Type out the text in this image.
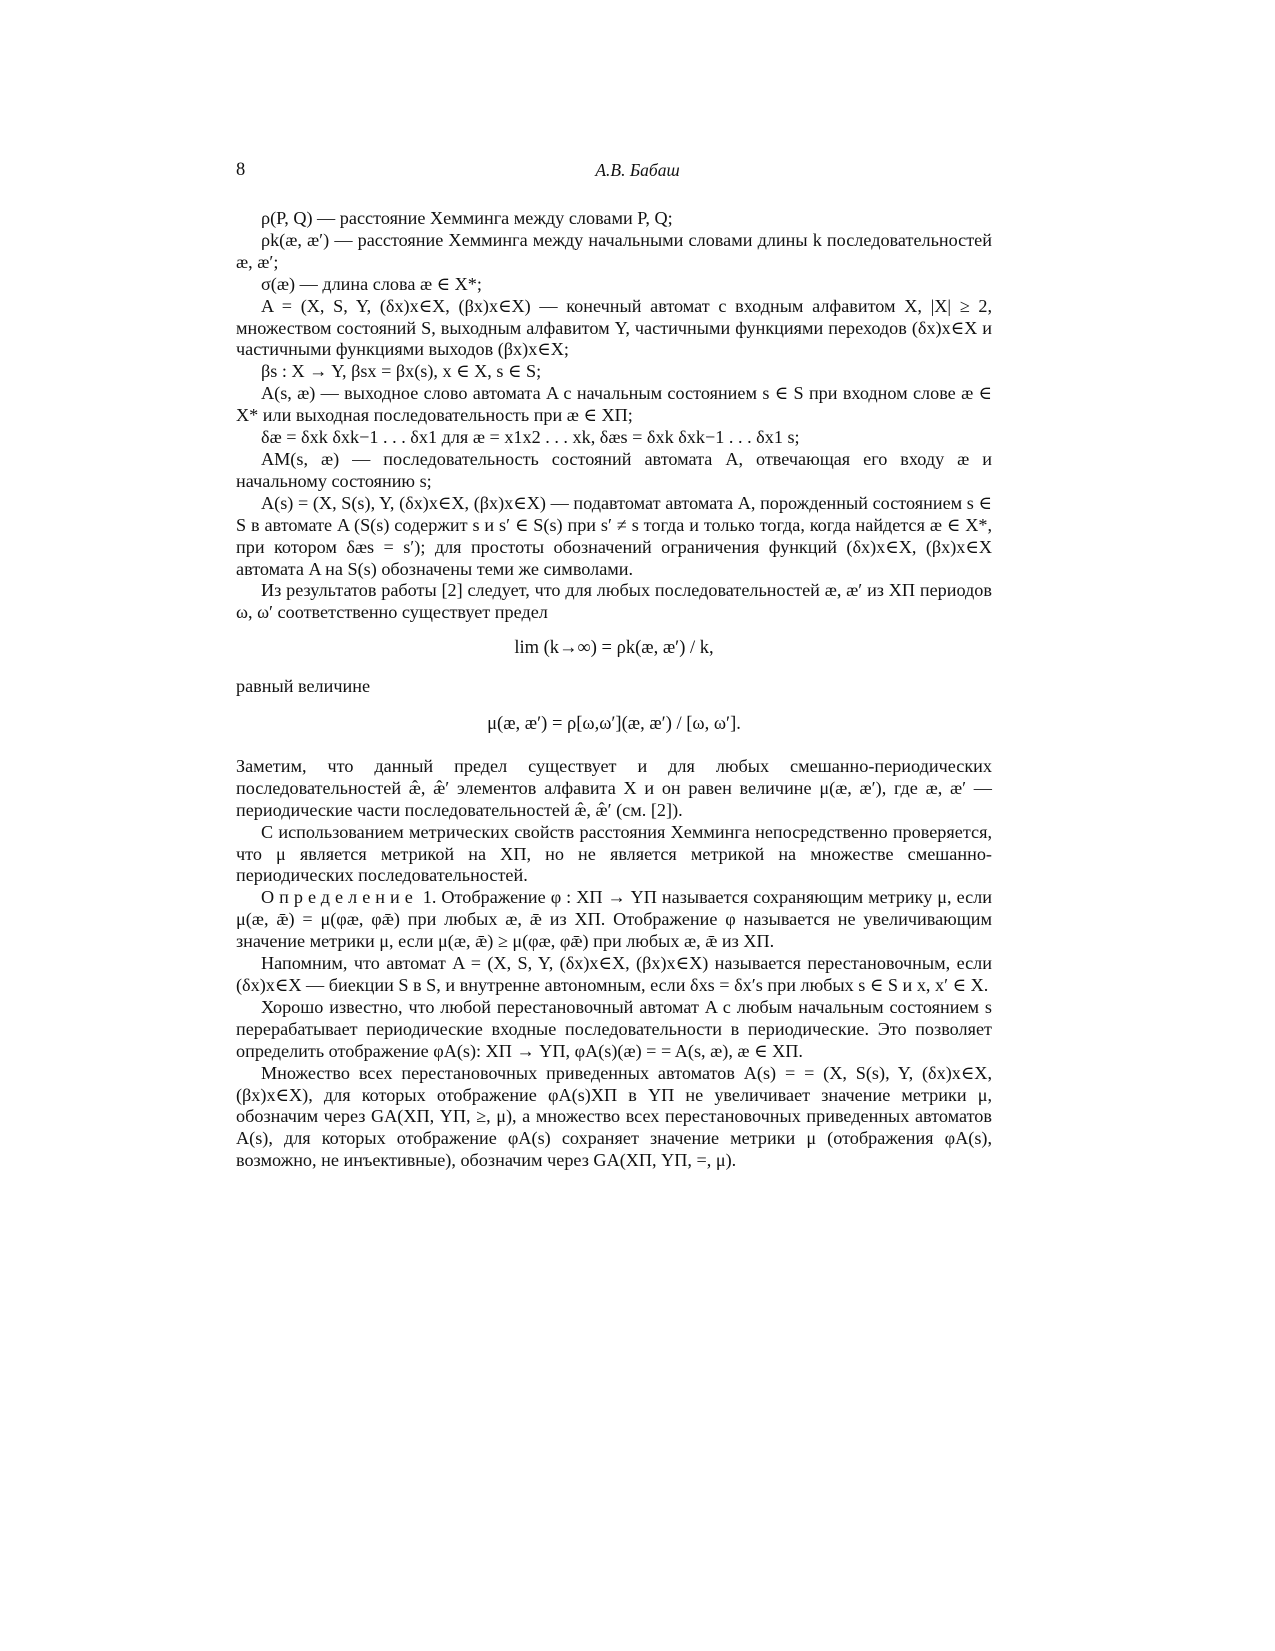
8	А.В. Бабаш

ρ(P, Q) — расстояние Хемминга между словами P, Q;

ρk(æ, æ′) — расстояние Хемминга между начальными словами длины k последовательностей æ, æ′;

σ(æ) — длина слова æ ∈ X*;

A = (X, S, Y, (δx)x∈X, (βx)x∈X) — конечный автомат с входным алфавитом X, |X| ≥ 2, множеством состояний S, выходным алфавитом Y, частичными функциями переходов (δx)x∈X и частичными функциями выходов (βx)x∈X;

βs : X → Y, βsx = βx(s), x ∈ X, s ∈ S;

A(s, æ) — выходное слово автомата A с начальным состоянием s ∈ S при входном слове æ ∈ X* или выходная последовательность при æ ∈ XΠ;

δæ = δxk δxk−1 . . . δx1 для æ = x1x2 . . . xk, δæs = δxk δxk−1 . . . δx1 s;

AM(s, æ) — последовательность состояний автомата A, отвечающая его входу æ и начальному состоянию s;

A(s) = (X, S(s), Y, (δx)x∈X, (βx)x∈X) — подавтомат автомата A, порожденный состоянием s ∈ S в автомате A (S(s) содержит s и s′ ∈ S(s) при s′ ≠ s тогда и только тогда, когда найдется æ ∈ X*, при котором δæs = s′); для простоты обозначений ограничения функций (δx)x∈X, (βx)x∈X автомата A на S(s) обозначены теми же символами.

Из результатов работы [2] следует, что для любых последовательностей æ, æ′ из XΠ периодов ω, ω′ соответственно существует предел

lim (k→∞) = ρk(æ, æ′) / k,

равный величине

μ(æ, æ′) = ρ[ω,ω′](æ, æ′) / [ω, ω′].

Заметим, что данный предел существует и для любых смешанно-периодических последовательностей æ̂, æ̂′ элементов алфавита X и он равен величине μ(æ, æ′), где æ, æ′ — периодические части последовательностей æ̂, æ̂′ (см. [2]).

С использованием метрических свойств расстояния Хемминга непосредственно проверяется, что μ является метрикой на XΠ, но не является метрикой на множестве смешанно-периодических последовательностей.

Определение 1. Отображение φ : XΠ → YΠ называется сохраняющим метрику μ, если μ(æ, ǣ) = μ(φæ, φǣ) при любых æ, ǣ из XΠ. Отображение φ называется не увеличивающим значение метрики μ, если μ(æ, ǣ) ≥ μ(φæ, φǣ) при любых æ, ǣ из XΠ.

Напомним, что автомат A = (X, S, Y, (δx)x∈X, (βx)x∈X) называется перестановочным, если (δx)x∈X — биекции S в S, и внутренне автономным, если δxs = δx′s при любых s ∈ S и x, x′ ∈ X.

Хорошо известно, что любой перестановочный автомат A с любым начальным состоянием s перерабатывает периодические входные последовательности в периодические. Это позволяет определить отображение φA(s): XΠ → YΠ, φA(s)(æ) = = A(s, æ), æ ∈ XΠ.

Множество всех перестановочных приведенных автоматов A(s) = = (X, S(s), Y, (δx)x∈X, (βx)x∈X), для которых отображение φA(s)XΠ в YΠ не увеличивает значение метрики μ, обозначим через GA(XΠ, YΠ, ≥, μ), а множество всех перестановочных приведенных автоматов A(s), для которых отображение φA(s) сохраняет значение метрики μ (отображения φA(s), возможно, не инъективные), обозначим через GA(XΠ, YΠ, =, μ).
